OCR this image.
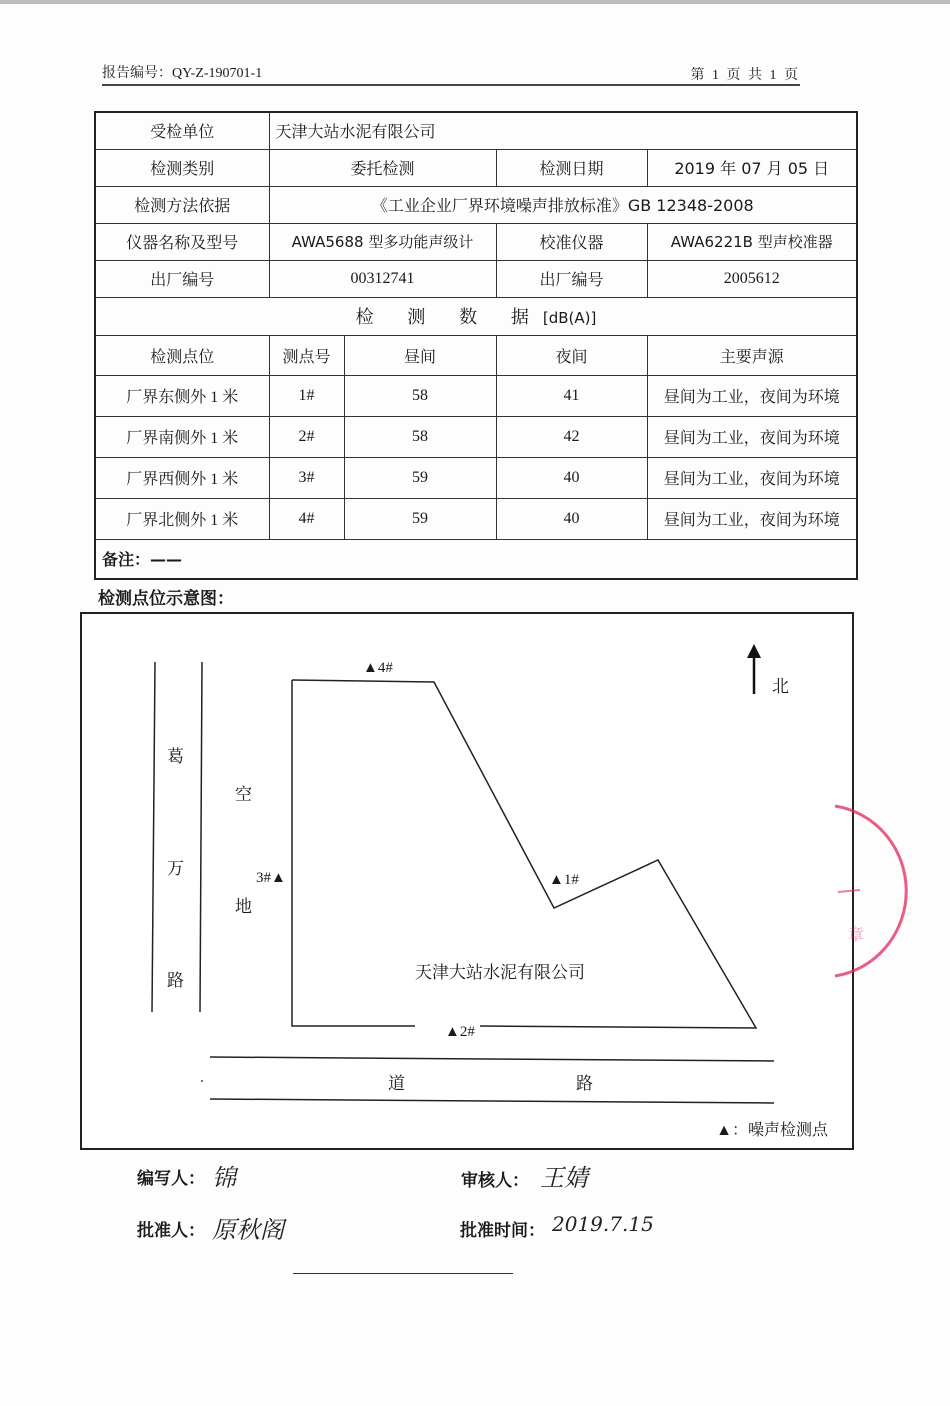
报告编号：QY-Z-190701-1	第 1 页 共 1 页
受检单位	天津大站水泥有限公司			
检测类别	委托检测		检测日期	2019 年 07 月 05 日
检测方法依据	《工业企业厂界环境噪声排放标准》GB 12348-2008			
仪器名称及型号	AWA5688 型多功能声级计		校准仪器	AWA6221B 型声校准器
出厂编号	00312741		出厂编号	2005612
检 测 数 据[dB(A)]				
检测点位	测点号	昼间	夜间	主要声源
厂界东侧外 1 米	1#	58	41	昼间为工业，夜间为环境
厂界南侧外 1 米	2#	58	42	昼间为工业，夜间为环境
厂界西侧外 1 米	3#	59	40	昼间为工业，夜间为环境
厂界北侧外 1 米	4#	59	40	昼间为工业，夜间为环境
备注：——				
检测点位示意图：
葛
万
路
空
地
道	路
天津大站水泥有限公司
北
▲1#
▲2#
3#▲
▲4#
▲：噪声检测点
章
编写人： 锦	审核人： 王婧
批准人： 原秋阁	批准时间： 2019.7.15
